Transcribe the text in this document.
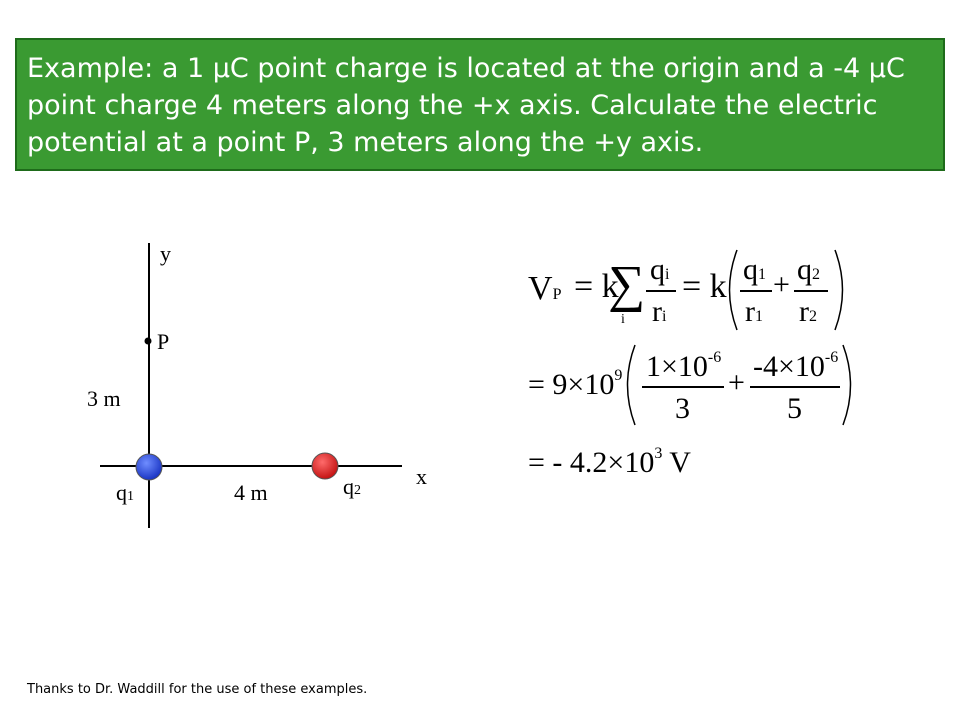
Example: a 1 μC point charge is located at the origin and a -4 μC point charge 4 meters along the +x axis. Calculate the electric potential at a point P, 3 meters along the +y axis.
y
x
P
3 m
4 m
q1	q2
VP = k
∑
i
qi
ri
= k q1
r1
+ q2
r2
= $9\times 10^9$ $1\times 10^{-6}$
3
+ $-4\times 10^{-6}$
5
= - $4.2\times 10^3$ V
Thanks to Dr. Waddill for the use of these examples.
